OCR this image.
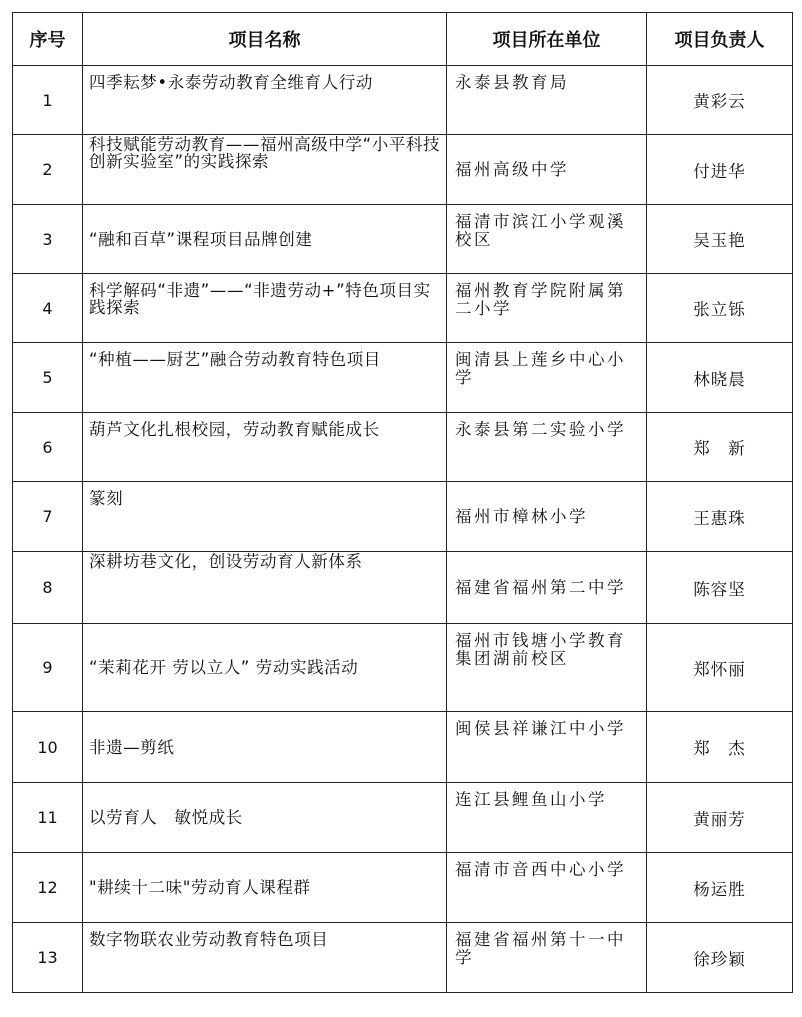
序号	项目名称	项目所在单位	项目负责人
1	四季耘梦•永泰劳动教育全维育人行动	永泰县教育局	黄彩云
2	科技赋能劳动教育——福州高级中学“小平科技创新实验室”的实践探索	福州高级中学	付进华
3	“融和百草”课程项目品牌创建	福清市滨江小学观溪校区	吴玉艳
4	科学解码“非遗”——“非遗劳动+”特色项目实践探索	福州教育学院附属第二小学	张立铄
5	“种植——厨艺”融合劳动教育特色项目	闽清县上莲乡中心小学	林晓晨
6	葫芦文化扎根校园，劳动教育赋能成长	永泰县第二实验小学	郑　新
7	篆刻	福州市樟林小学	王惠珠
8	深耕坊巷文化，创设劳动育人新体系	福建省福州第二中学	陈容坚
9	“茉莉花开 劳以立人” 劳动实践活动	福州市钱塘小学教育集团湖前校区	郑怀丽
10	非遗—剪纸	闽侯县祥谦江中小学	郑　杰
11	以劳育人　敏悦成长	连江县鲤鱼山小学	黄丽芳
12	"耕续十二味"劳动育人课程群	福清市音西中心小学	杨运胜
13	数字物联农业劳动教育特色项目	福建省福州第十一中学	徐珍颖
